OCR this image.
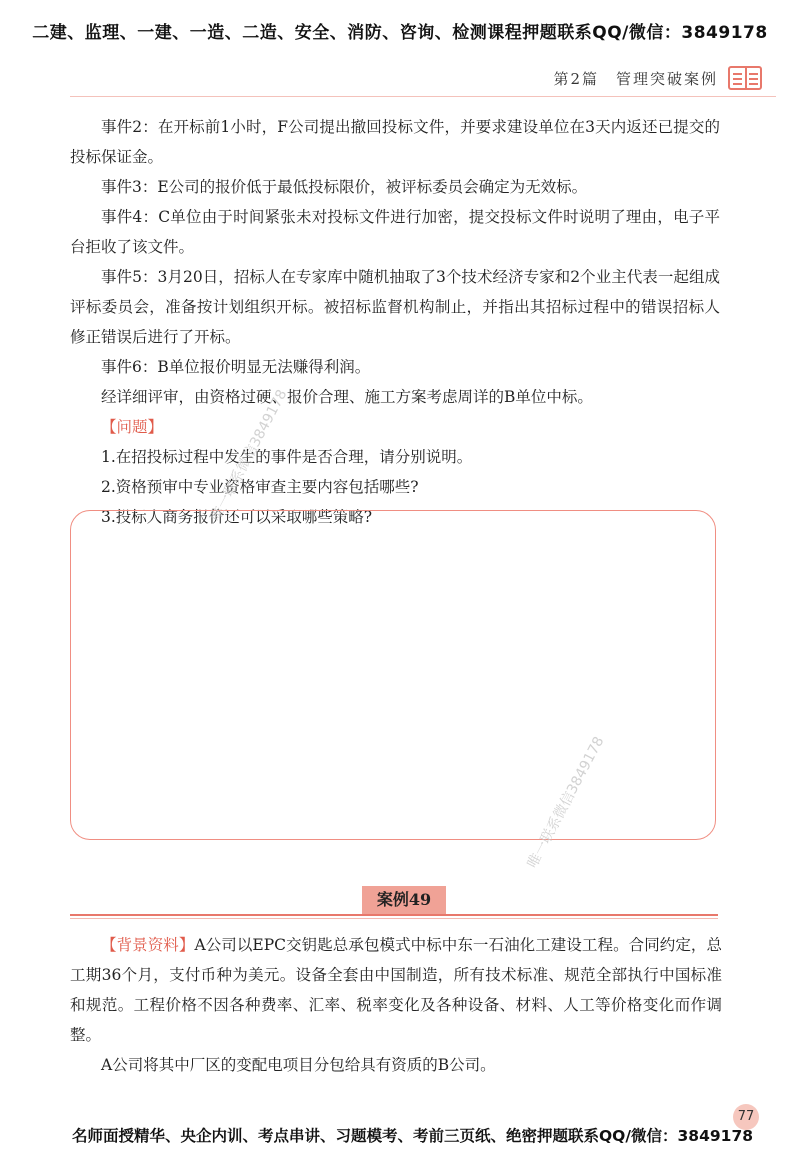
二建、监理、一建、一造、二造、安全、消防、咨询、检测课程押题联系QQ/微信：3849178
第2篇　管理突破案例

事件2：在开标前1小时，F公司提出撤回投标文件，并要求建设单位在3天内返还已提交的投标保证金。

事件3：E公司的报价低于最低投标限价，被评标委员会确定为无效标。

事件4：C单位由于时间紧张未对投标文件进行加密，提交投标文件时说明了理由，电子平台拒收了该文件。

事件5：3月20日，招标人在专家库中随机抽取了3个技术经济专家和2个业主代表一起组成评标委员会，准备按计划组织开标。被招标监督机构制止，并指出其招标过程中的错误招标人修正错误后进行了开标。

事件6：B单位报价明显无法赚得利润。

经详细评审，由资格过硬、报价合理、施工方案考虑周详的B单位中标。

【问题】

1.在招投标过程中发生的事件是否合理，请分别说明。

2.资格预审中专业资格审查主要内容包括哪些?

3.投标人商务报价还可以采取哪些策略?

唯一联系微信3849178
唯一联系微信3849178
案例49

【背景资料】A公司以EPC交钥匙总承包模式中标中东一石油化工建设工程。合同约定，总工期36个月，支付币种为美元。设备全套由中国制造，所有技术标准、规范全部执行中国标准和规范。工程价格不因各种费率、汇率、税率变化及各种设备、材料、人工等价格变化而作调整。

A公司将其中厂区的变配电项目分包给具有资质的B公司。

77
名师面授精华、央企内训、考点串讲、习题模考、考前三页纸、绝密押题联系QQ/微信：3849178
